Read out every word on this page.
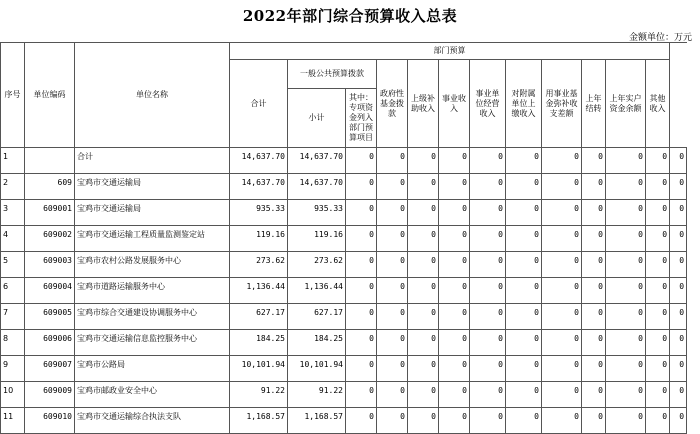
2022年部门综合预算收入总表
金额单位：万元
序号	单位编码	单位名称	部门预算													
			合计	一般公共预算拨款		政府性基金拨款	上级补助收入	事业收入	事业单位经营收入	对附属单位上缴收入	用事业基金弥补收支差额	上年结转	上年实户资金余额	其他收入		
				小计	其中：专项资金列入部门预算项目											
1		合计	14,637.70	14,637.70	0	0	0	0	0	0	0	0	0	0	0	
2	609	宝鸡市交通运输局	14,637.70	14,637.70	0	0	0	0	0	0	0	0	0	0	0	
3	609001	宝鸡市交通运输局	935.33	935.33	0	0	0	0	0	0	0	0	0	0	0	
4	609002	宝鸡市交通运输工程质量监测鉴定站	119.16	119.16	0	0	0	0	0	0	0	0	0	0	0	
5	609003	宝鸡市农村公路发展服务中心	273.62	273.62	0	0	0	0	0	0	0	0	0	0	0	
6	609004	宝鸡市道路运输服务中心	1,136.44	1,136.44	0	0	0	0	0	0	0	0	0	0	0	
7	609005	宝鸡市综合交通建设协调服务中心	627.17	627.17	0	0	0	0	0	0	0	0	0	0	0	
8	609006	宝鸡市交通运输信息监控服务中心	184.25	184.25	0	0	0	0	0	0	0	0	0	0	0	
9	609007	宝鸡市公路局	10,101.94	10,101.94	0	0	0	0	0	0	0	0	0	0	0	
10	609009	宝鸡市邮政业安全中心	91.22	91.22	0	0	0	0	0	0	0	0	0	0	0	
11	609010	宝鸡市交通运输综合执法支队	1,168.57	1,168.57	0	0	0	0	0	0	0	0	0	0	0	
